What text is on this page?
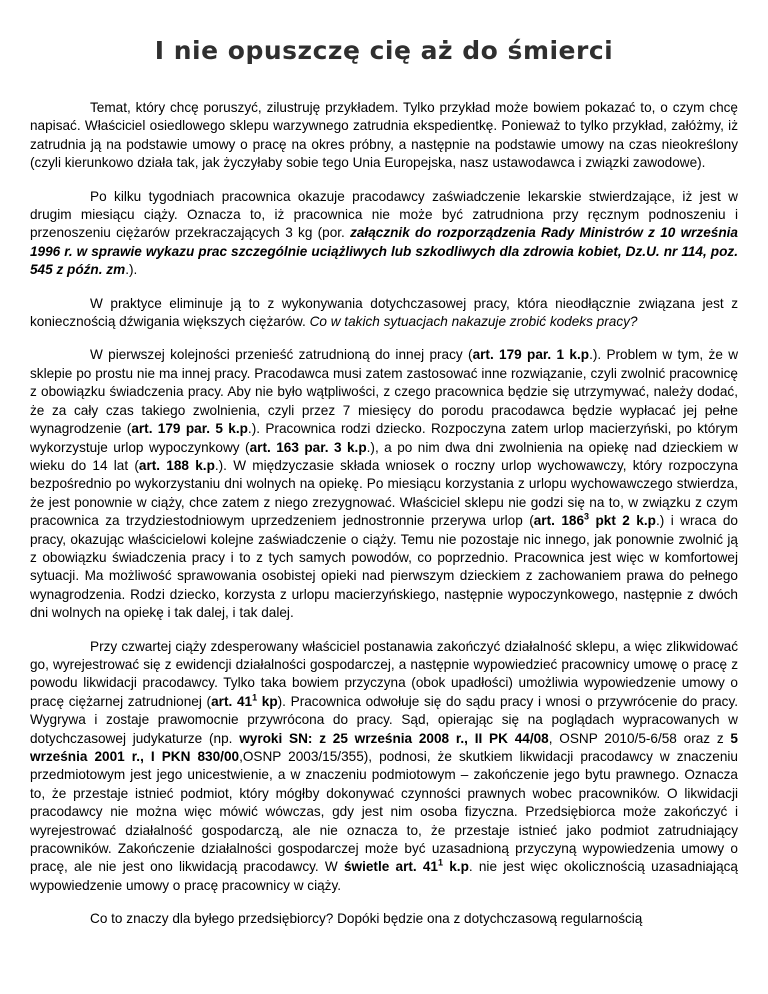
I nie opuszczę cię aż do śmierci

Temat, który chcę poruszyć, zilustruję przykładem. Tylko przykład może bowiem pokazać to, o czym chcę napisać. Właściciel osiedlowego sklepu warzywnego zatrudnia ekspedientkę. Ponieważ to tylko przykład, załóżmy, iż zatrudnia ją na podstawie umowy o pracę na okres próbny, a następnie na podstawie umowy na czas nieokreślony (czyli kierunkowo działa tak, jak życzyłaby sobie tego Unia Europejska, nasz ustawodawca i związki zawodowe).

Po kilku tygodniach pracownica okazuje pracodawcy zaświadczenie lekarskie stwierdzające, iż jest w drugim miesiącu ciąży. Oznacza to, iż pracownica nie może być zatrudniona przy ręcznym podnoszeniu i przenoszeniu ciężarów przekraczających 3 kg (por. załącznik do rozporządzenia Rady Ministrów z 10 września 1996 r. w sprawie wykazu prac szczególnie uciążliwych lub szkodliwych dla zdrowia kobiet, Dz.U. nr 114, poz. 545 z późn. zm.).

W praktyce eliminuje ją to z wykonywania dotychczasowej pracy, która nieodłącznie związana jest z koniecznością dźwigania większych ciężarów. Co w takich sytuacjach nakazuje zrobić kodeks pracy?

W pierwszej kolejności przenieść zatrudnioną do innej pracy (art. 179 par. 1 k.p.). Problem w tym, że w sklepie po prostu nie ma innej pracy. Pracodawca musi zatem zastosować inne rozwiązanie, czyli zwolnić pracownicę z obowiązku świadczenia pracy. Aby nie było wątpliwości, z czego pracownica będzie się utrzymywać, należy dodać, że za cały czas takiego zwolnienia, czyli przez 7 miesięcy do porodu pracodawca będzie wypłacać jej pełne wynagrodzenie (art. 179 par. 5 k.p.). Pracownica rodzi dziecko. Rozpoczyna zatem urlop macierzyński, po którym wykorzystuje urlop wypoczynkowy (art. 163 par. 3 k.p.), a po nim dwa dni zwolnienia na opiekę nad dzieckiem w wieku do 14 lat (art. 188 k.p.). W międzyczasie składa wniosek o roczny urlop wychowawczy, który rozpoczyna bezpośrednio po wykorzystaniu dni wolnych na opiekę. Po miesiącu korzystania z urlopu wychowawczego stwierdza, że jest ponownie w ciąży, chce zatem z niego zrezygnować. Właściciel sklepu nie godzi się na to, w związku z czym pracownica za trzydziestodniowym uprzedzeniem jednostronnie przerywa urlop (art. $186^3$ pkt 2 k.p.) i wraca do pracy, okazując właścicielowi kolejne zaświadczenie o ciąży. Temu nie pozostaje nic innego, jak ponownie zwolnić ją z obowiązku świadczenia pracy i to z tych samych powodów, co poprzednio. Pracownica jest więc w komfortowej sytuacji. Ma możliwość sprawowania osobistej opieki nad pierwszym dzieckiem z zachowaniem prawa do pełnego wynagrodzenia. Rodzi dziecko, korzysta z urlopu macierzyńskiego, następnie wypoczynkowego, następnie z dwóch dni wolnych na opiekę i tak dalej, i tak dalej.

Przy czwartej ciąży zdesperowany właściciel postanawia zakończyć działalność sklepu, a więc zlikwidować go, wyrejestrować się z ewidencji działalności gospodarczej, a następnie wypowiedzieć pracownicy umowę o pracę z powodu likwidacji pracodawcy. Tylko taka bowiem przyczyna (obok upadłości) umożliwia wypowiedzenie umowy o pracę ciężarnej zatrudnionej (art. $41^1$ kp). Pracownica odwołuje się do sądu pracy i wnosi o przywrócenie do pracy. Wygrywa i zostaje prawomocnie przywrócona do pracy. Sąd, opierając się na poglądach wypracowanych w dotychczasowej judykaturze (np. wyroki SN: z 25 września 2008 r., II PK 44/08, OSNP 2010/5-6/58 oraz z 5 września 2001 r., I PKN 830/00,OSNP 2003/15/355), podnosi, że skutkiem likwidacji pracodawcy w znaczeniu przedmiotowym jest jego unicestwienie, a w znaczeniu podmiotowym – zakończenie jego bytu prawnego. Oznacza to, że przestaje istnieć podmiot, który mógłby dokonywać czynności prawnych wobec pracowników. O likwidacji pracodawcy nie można więc mówić wówczas, gdy jest nim osoba fizyczna. Przedsiębiorca może zakończyć i wyrejestrować działalność gospodarczą, ale nie oznacza to, że przestaje istnieć jako podmiot zatrudniający pracowników. Zakończenie działalności gospodarczej może być uzasadnioną przyczyną wypowiedzenia umowy o pracę, ale nie jest ono likwidacją pracodawcy. W świetle art. $41^1$ k.p. nie jest więc okolicznością uzasadniającą wypowiedzenie umowy o pracę pracownicy w ciąży.

Co to znaczy dla byłego przedsiębiorcy? Dopóki będzie ona z dotychczasową regularnością
